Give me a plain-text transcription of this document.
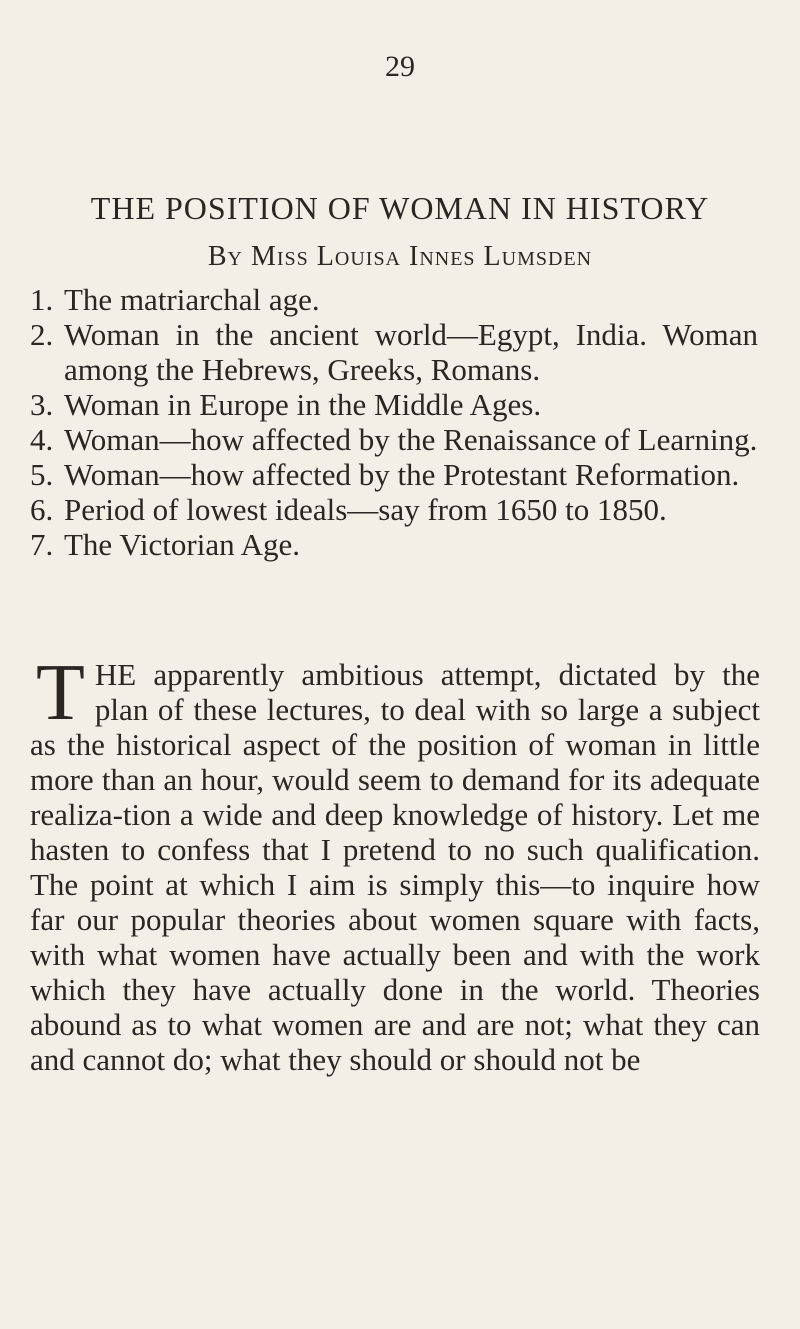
29
THE POSITION OF WOMAN IN HISTORY
By Miss Louisa Innes Lumsden
1. The matriarchal age.
2. Woman in the ancient world—Egypt, India. Woman among the Hebrews, Greeks, Romans.
3. Woman in Europe in the Middle Ages.
4. Woman—how affected by the Renaissance of Learning.
5. Woman—how affected by the Protestant Reformation.
6. Period of lowest ideals—say from 1650 to 1850.
7. The Victorian Age.

THE apparently ambitious attempt, dictated by the plan of these lectures, to deal with so large a subject as the historical aspect of the position of woman in little more than an hour, would seem to demand for its adequate realiza-tion a wide and deep knowledge of history. Let me hasten to confess that I pretend to no such qualification. The point at which I aim is simply this—to inquire how far our popular theories about women square with facts, with what women have actually been and with the work which they have actually done in the world. Theories abound as to what women are and are not; what they can and cannot do; what they should or should not be
